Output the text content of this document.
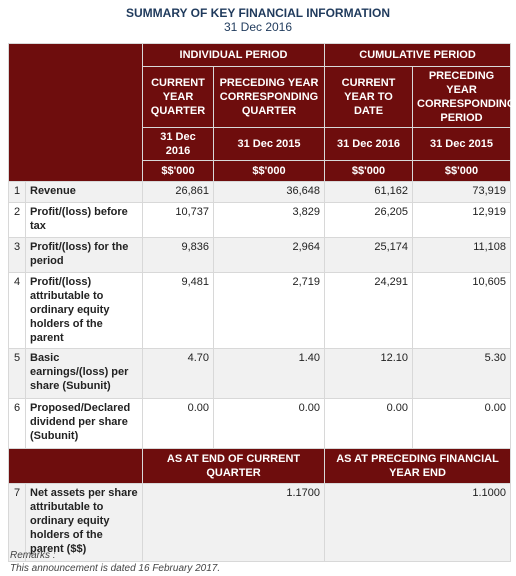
SUMMARY OF KEY FINANCIAL INFORMATION
31 Dec 2016
		INDIVIDUAL PERIOD		CUMULATIVE PERIOD	
		CURRENT YEAR QUARTER	PRECEDING YEAR CORRESPONDING QUARTER	CURRENT YEAR TO DATE	PRECEDING YEAR CORRESPONDING PERIOD
		31 Dec 2016	31 Dec 2015	31 Dec 2016	31 Dec 2015
		$$'000	$$'000	$$'000	$$'000
1	Revenue	26,861	36,648	61,162	73,919
2	Profit/(loss) before tax	10,737	3,829	26,205	12,919
3	Profit/(loss) for the period	9,836	2,964	25,174	11,108
4	Profit/(loss) attributable to ordinary equity holders of the parent	9,481	2,719	24,291	10,605
5	Basic earnings/(loss) per share (Subunit)	4.70	1.40	12.10	5.30
6	Proposed/Declared dividend per share (Subunit)	0.00	0.00	0.00	0.00
		AS AT END OF CURRENT QUARTER		AS AT PRECEDING FINANCIAL YEAR END	
7	Net assets per share attributable to ordinary equity holders of the parent ($$)	1.1700		1.1000	
Remarks :
This announcement is dated 16 February 2017.
